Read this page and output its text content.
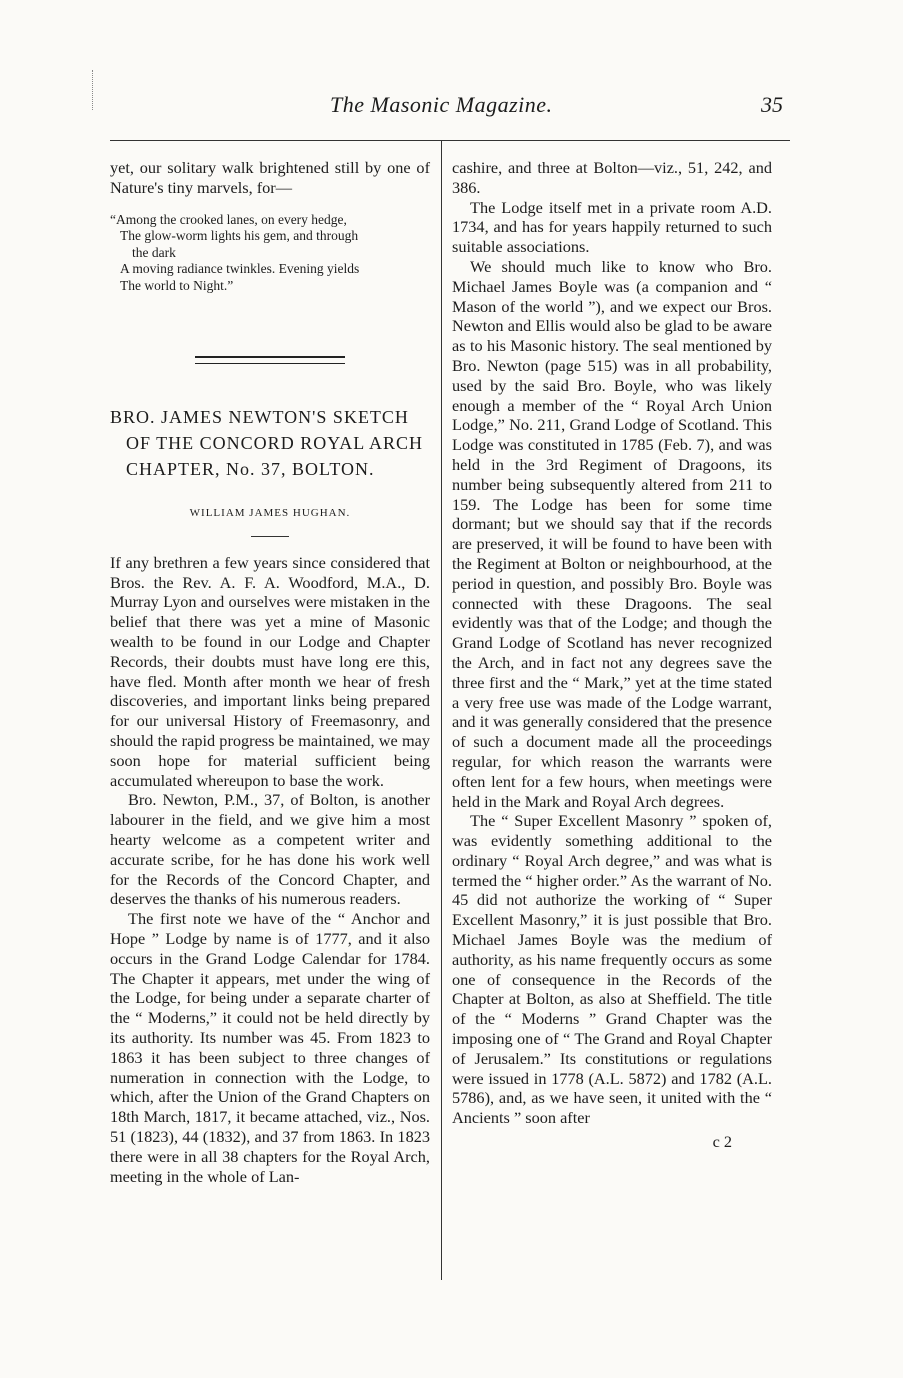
The Masonic Magazine.	35

yet, our solitary walk brightened still by one of Nature's tiny marvels, for—

“Among the crooked lanes, on every hedge,
The glow-worm lights his gem, and through
the dark
A moving radiance twinkles. Evening yields
The world to Night.”
BRO. JAMES NEWTON'S SKETCH
OF THE CONCORD ROYAL ARCH
CHAPTER, No. 37, BOLTON.
WILLIAM JAMES HUGHAN.

If any brethren a few years since considered that Bros. the Rev. A. F. A. Woodford, M.A., D. Murray Lyon and ourselves were mistaken in the belief that there was yet a mine of Masonic wealth to be found in our Lodge and Chapter Records, their doubts must have long ere this, have fled. Month after month we hear of fresh discoveries, and important links being prepared for our universal History of Freemasonry, and should the rapid progress be maintained, we may soon hope for material sufficient being accumulated whereupon to base the work.

Bro. Newton, P.M., 37, of Bolton, is another labourer in the field, and we give him a most hearty welcome as a competent writer and accurate scribe, for he has done his work well for the Records of the Concord Chapter, and deserves the thanks of his numerous readers.

The first note we have of the “ Anchor and Hope ” Lodge by name is of 1777, and it also occurs in the Grand Lodge Calendar for 1784. The Chapter it appears, met under the wing of the Lodge, for being under a separate charter of the “ Moderns,” it could not be held directly by its authority. Its number was 45. From 1823 to 1863 it has been subject to three changes of numeration in connection with the Lodge, to which, after the Union of the Grand Chapters on 18th March, 1817, it became attached, viz., Nos. 51 (1823), 44 (1832), and 37 from 1863. In 1823 there were in all 38 chapters for the Royal Arch, meeting in the whole of Lan-

cashire, and three at Bolton—viz., 51, 242, and 386.

The Lodge itself met in a private room A.D. 1734, and has for years happily returned to such suitable associations.

We should much like to know who Bro. Michael James Boyle was (a companion and “ Mason of the world ”), and we expect our Bros. Newton and Ellis would also be glad to be aware as to his Masonic history. The seal mentioned by Bro. Newton (page 515) was in all probability, used by the said Bro. Boyle, who was likely enough a member of the “ Royal Arch Union Lodge,” No. 211, Grand Lodge of Scotland. This Lodge was constituted in 1785 (Feb. 7), and was held in the 3rd Regiment of Dragoons, its number being subsequently altered from 211 to 159. The Lodge has been for some time dormant; but we should say that if the records are preserved, it will be found to have been with the Regiment at Bolton or neighbourhood, at the period in question, and possibly Bro. Boyle was connected with these Dragoons. The seal evidently was that of the Lodge; and though the Grand Lodge of Scotland has never recognized the Arch, and in fact not any degrees save the three first and the “ Mark,” yet at the time stated a very free use was made of the Lodge warrant, and it was generally considered that the presence of such a document made all the proceedings regular, for which reason the warrants were often lent for a few hours, when meetings were held in the Mark and Royal Arch degrees.

The “ Super Excellent Masonry ” spoken of, was evidently something additional to the ordinary “ Royal Arch degree,” and was what is termed the “ higher order.” As the warrant of No. 45 did not authorize the working of “ Super Excellent Masonry,” it is just possible that Bro. Michael James Boyle was the medium of authority, as his name frequently occurs as some one of consequence in the Records of the Chapter at Bolton, as also at Sheffield. The title of the “ Moderns ” Grand Chapter was the imposing one of “ The Grand and Royal Chapter of Jerusalem.” Its constitutions or regulations were issued in 1778 (A.L. 5872) and 1782 (A.L. 5786), and, as we have seen, it united with the “ Ancients ” soon after

c 2
